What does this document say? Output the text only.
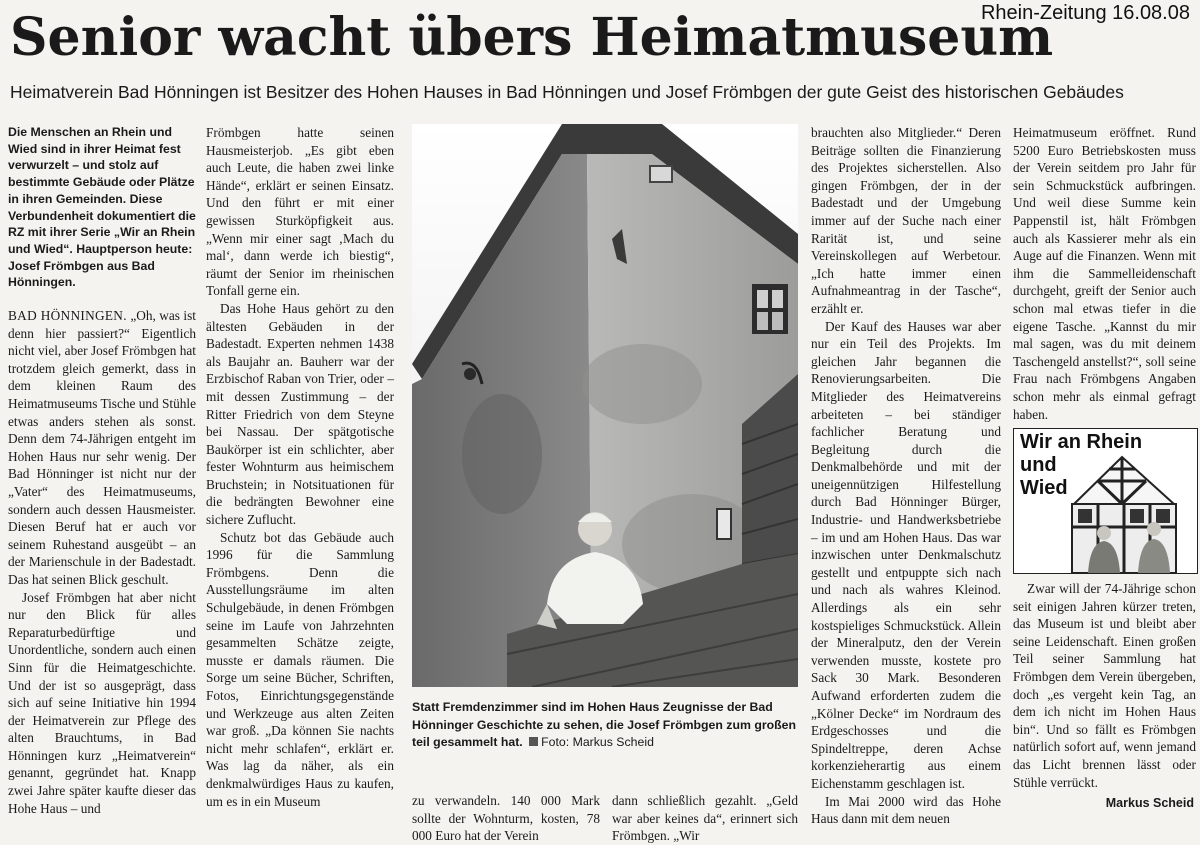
Rhein-Zeitung 16.08.08
Senior wacht übers Heimatmuseum
Heimatverein Bad Hönningen ist Besitzer des Hohen Hauses in Bad Hönningen und Josef Frömbgen der gute Geist des historischen Gebäudes
Die Menschen an Rhein und Wied sind in ihrer Heimat fest verwurzelt – und stolz auf bestimmte Gebäude oder Plätze in ihren Gemeinden. Diese Verbundenheit dokumentiert die RZ mit ihrer Serie „Wir an Rhein und Wied“. Hauptperson heute: Josef Frömbgen aus Bad Hönningen.

BAD HÖNNINGEN. „Oh, was ist denn hier passiert?“ Eigentlich nicht viel, aber Josef Frömbgen hat trotzdem gleich gemerkt, dass in dem kleinen Raum des Heimatmuseums Tische und Stühle etwas anders stehen als sonst. Denn dem 74-Jährigen entgeht im Hohen Haus nur sehr wenig. Der Bad Hönninger ist nicht nur der „Vater“ des Heimatmuseums, sondern auch dessen Hausmeister. Diesen Beruf hat er auch vor seinem Ruhestand ausgeübt – an der Marienschule in der Badestadt. Das hat seinen Blick geschult.

Josef Frömbgen hat aber nicht nur den Blick für alles Reparaturbedürftige und Unordentliche, sondern auch einen Sinn für die Heimatgeschichte. Und der ist so ausgeprägt, dass sich auf seine Initiative hin 1994 der Heimatverein zur Pflege des alten Brauchtums, in Bad Hönningen kurz „Heimatverein“ genannt, gegründet hat. Knapp zwei Jahre später kaufte dieser das Hohe Haus – und

Frömbgen hatte seinen Hausmeisterjob. „Es gibt eben auch Leute, die haben zwei linke Hände“, erklärt er seinen Einsatz. Und den führt er mit einer gewissen Sturköpfigkeit aus. „Wenn mir einer sagt ‚Mach du mal‘, dann werde ich biestig“, räumt der Senior im rheinischen Tonfall gerne ein.

Das Hohe Haus gehört zu den ältesten Gebäuden in der Badestadt. Experten nehmen 1438 als Baujahr an. Bauherr war der Erzbischof Raban von Trier, oder – mit dessen Zustimmung – der Ritter Friedrich von dem Steyne bei Nassau. Der spätgotische Baukörper ist ein schlichter, aber fester Wohnturm aus heimischem Bruchstein; in Notsituationen für die bedrängten Bewohner eine sichere Zuflucht.

Schutz bot das Gebäude auch 1996 für die Sammlung Frömbgens. Denn die Ausstellungsräume im alten Schulgebäude, in denen Frömbgen seine im Laufe von Jahrzehnten gesammelten Schätze zeigte, musste er damals räumen. Die Sorge um seine Bücher, Schriften, Fotos, Einrichtungsgegenstände und Werkzeuge aus alten Zeiten war groß. „Da können Sie nachts nicht mehr schlafen“, erklärt er. Was lag da näher, als ein denkmalwürdiges Haus zu kaufen, um es in ein Museum

Statt Fremdenzimmer sind im Hohen Haus Zeugnisse der Bad Hönninger Geschichte zu sehen, die Josef Frömbgen zum großen teil gesammelt hat. Foto: Markus Scheid
zu verwandeln. 140 000 Mark sollte der Wohnturm, kosten, 78 000 Euro hat der Verein
dann schließlich gezahlt. „Geld war aber keines da“, erinnert sich Frömbgen. „Wir

brauchten also Mitglieder.“ Deren Beiträge sollten die Finanzierung des Projektes sicherstellen. Also gingen Frömbgen, der in der Badestadt und der Umgebung immer auf der Suche nach einer Rarität ist, und seine Vereinskollegen auf Werbetour. „Ich hatte immer einen Aufnahmeantrag in der Tasche“, erzählt er.

Der Kauf des Hauses war aber nur ein Teil des Projekts. Im gleichen Jahr begannen die Renovierungsarbeiten. Die Mitglieder des Heimatvereins arbeiteten – bei ständiger fachlicher Beratung und Begleitung durch die Denkmalbehörde und mit der uneigennützigen Hilfestellung durch Bad Hönninger Bürger, Industrie- und Handwerksbetriebe – im und am Hohen Haus. Das war inzwischen unter Denkmalschutz gestellt und entpuppte sich nach und nach als wahres Kleinod. Allerdings als ein sehr kostspieliges Schmuckstück. Allein der Mineralputz, den der Verein verwenden musste, kostete pro Sack 30 Mark. Besonderen Aufwand erforderten zudem die „Kölner Decke“ im Nordraum des Erdgeschosses und die Spindeltreppe, deren Achse korkenzieherartig aus einem Eichenstamm geschlagen ist.

Im Mai 2000 wird das Hohe Haus dann mit dem neuen

Heimatmuseum eröffnet. Rund 5200 Euro Betriebskosten muss der Verein seitdem pro Jahr für sein Schmuckstück aufbringen. Und weil diese Summe kein Pappenstil ist, hält Frömbgen auch als Kassierer mehr als ein Auge auf die Finanzen. Wenn mit ihm die Sammelleidenschaft durchgeht, greift der Senior auch schon mal etwas tiefer in die eigene Tasche. „Kannst du mir mal sagen, was du mit deinem Taschengeld anstellst?“, soll seine Frau nach Frömbgens Angaben schon mehr als einmal gefragt haben.

Wir an Rhein
und
Wied

Zwar will der 74-Jährige schon seit einigen Jahren kürzer treten, das Museum ist und bleibt aber seine Leidenschaft. Einen großen Teil seiner Sammlung hat Frömbgen dem Verein übergeben, doch „es vergeht kein Tag, an dem ich nicht im Hohen Haus bin“. Und so fällt es Frömbgen natürlich sofort auf, wenn jemand das Licht brennen lässt oder Stühle verrückt.

Markus Scheid
